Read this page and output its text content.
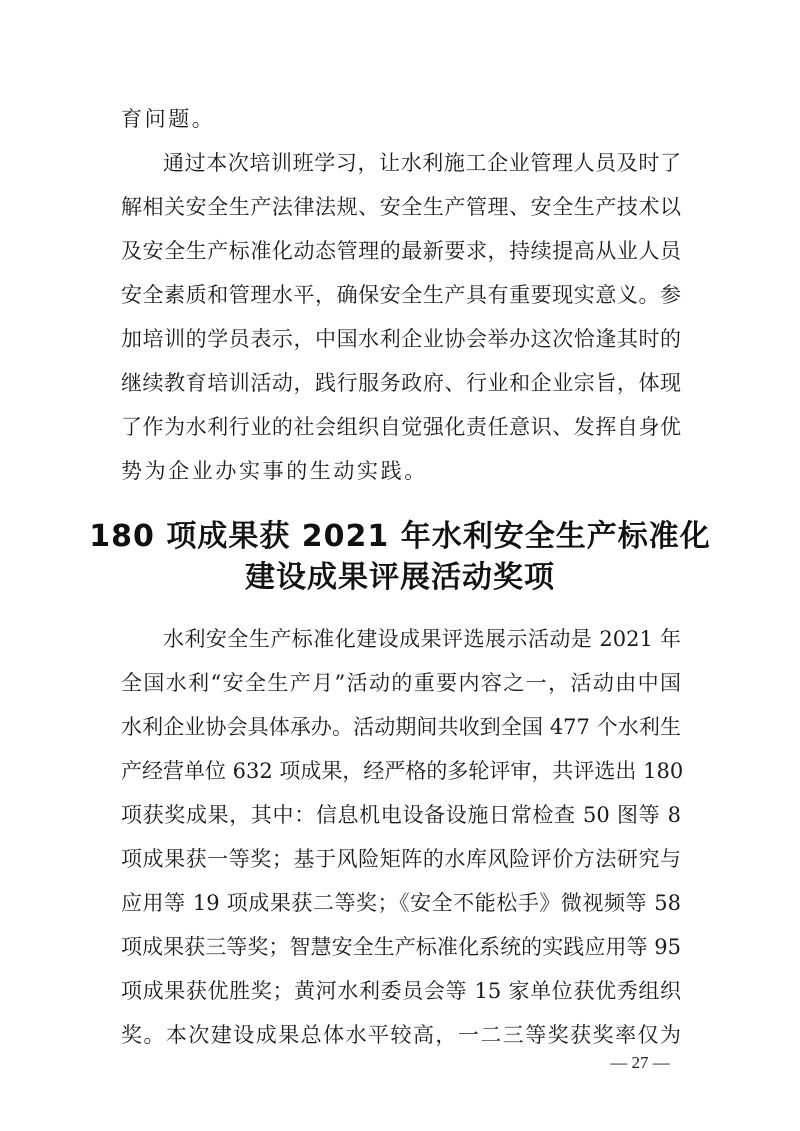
育问题。
通过本次培训班学习，让水利施工企业管理人员及时了
解相关安全生产法律法规、安全生产管理、安全生产技术以
及安全生产标准化动态管理的最新要求，持续提高从业人员
安全素质和管理水平，确保安全生产具有重要现实意义。参
加培训的学员表示，中国水利企业协会举办这次恰逢其时的
继续教育培训活动，践行服务政府、行业和企业宗旨，体现
了作为水利行业的社会组织自觉强化责任意识、发挥自身优
势为企业办实事的生动实践。
180 项成果获 2021 年水利安全生产标准化
建设成果评展活动奖项
水利安全生产标准化建设成果评选展示活动是 2021 年
全国水利“安全生产月”活动的重要内容之一，活动由中国
水利企业协会具体承办。活动期间共收到全国 477 个水利生
产经营单位 632 项成果，经严格的多轮评审，共评选出 180
项获奖成果，其中：信息机电设备设施日常检查 50 图等 8
项成果获一等奖；基于风险矩阵的水库风险评价方法研究与
应用等 19 项成果获二等奖；《安全不能松手》微视频等 58
项成果获三等奖；智慧安全生产标准化系统的实践应用等 95
项成果获优胜奖；黄河水利委员会等 15 家单位获优秀组织
奖。本次建设成果总体水平较高，一二三等奖获奖率仅为
— 27 —
